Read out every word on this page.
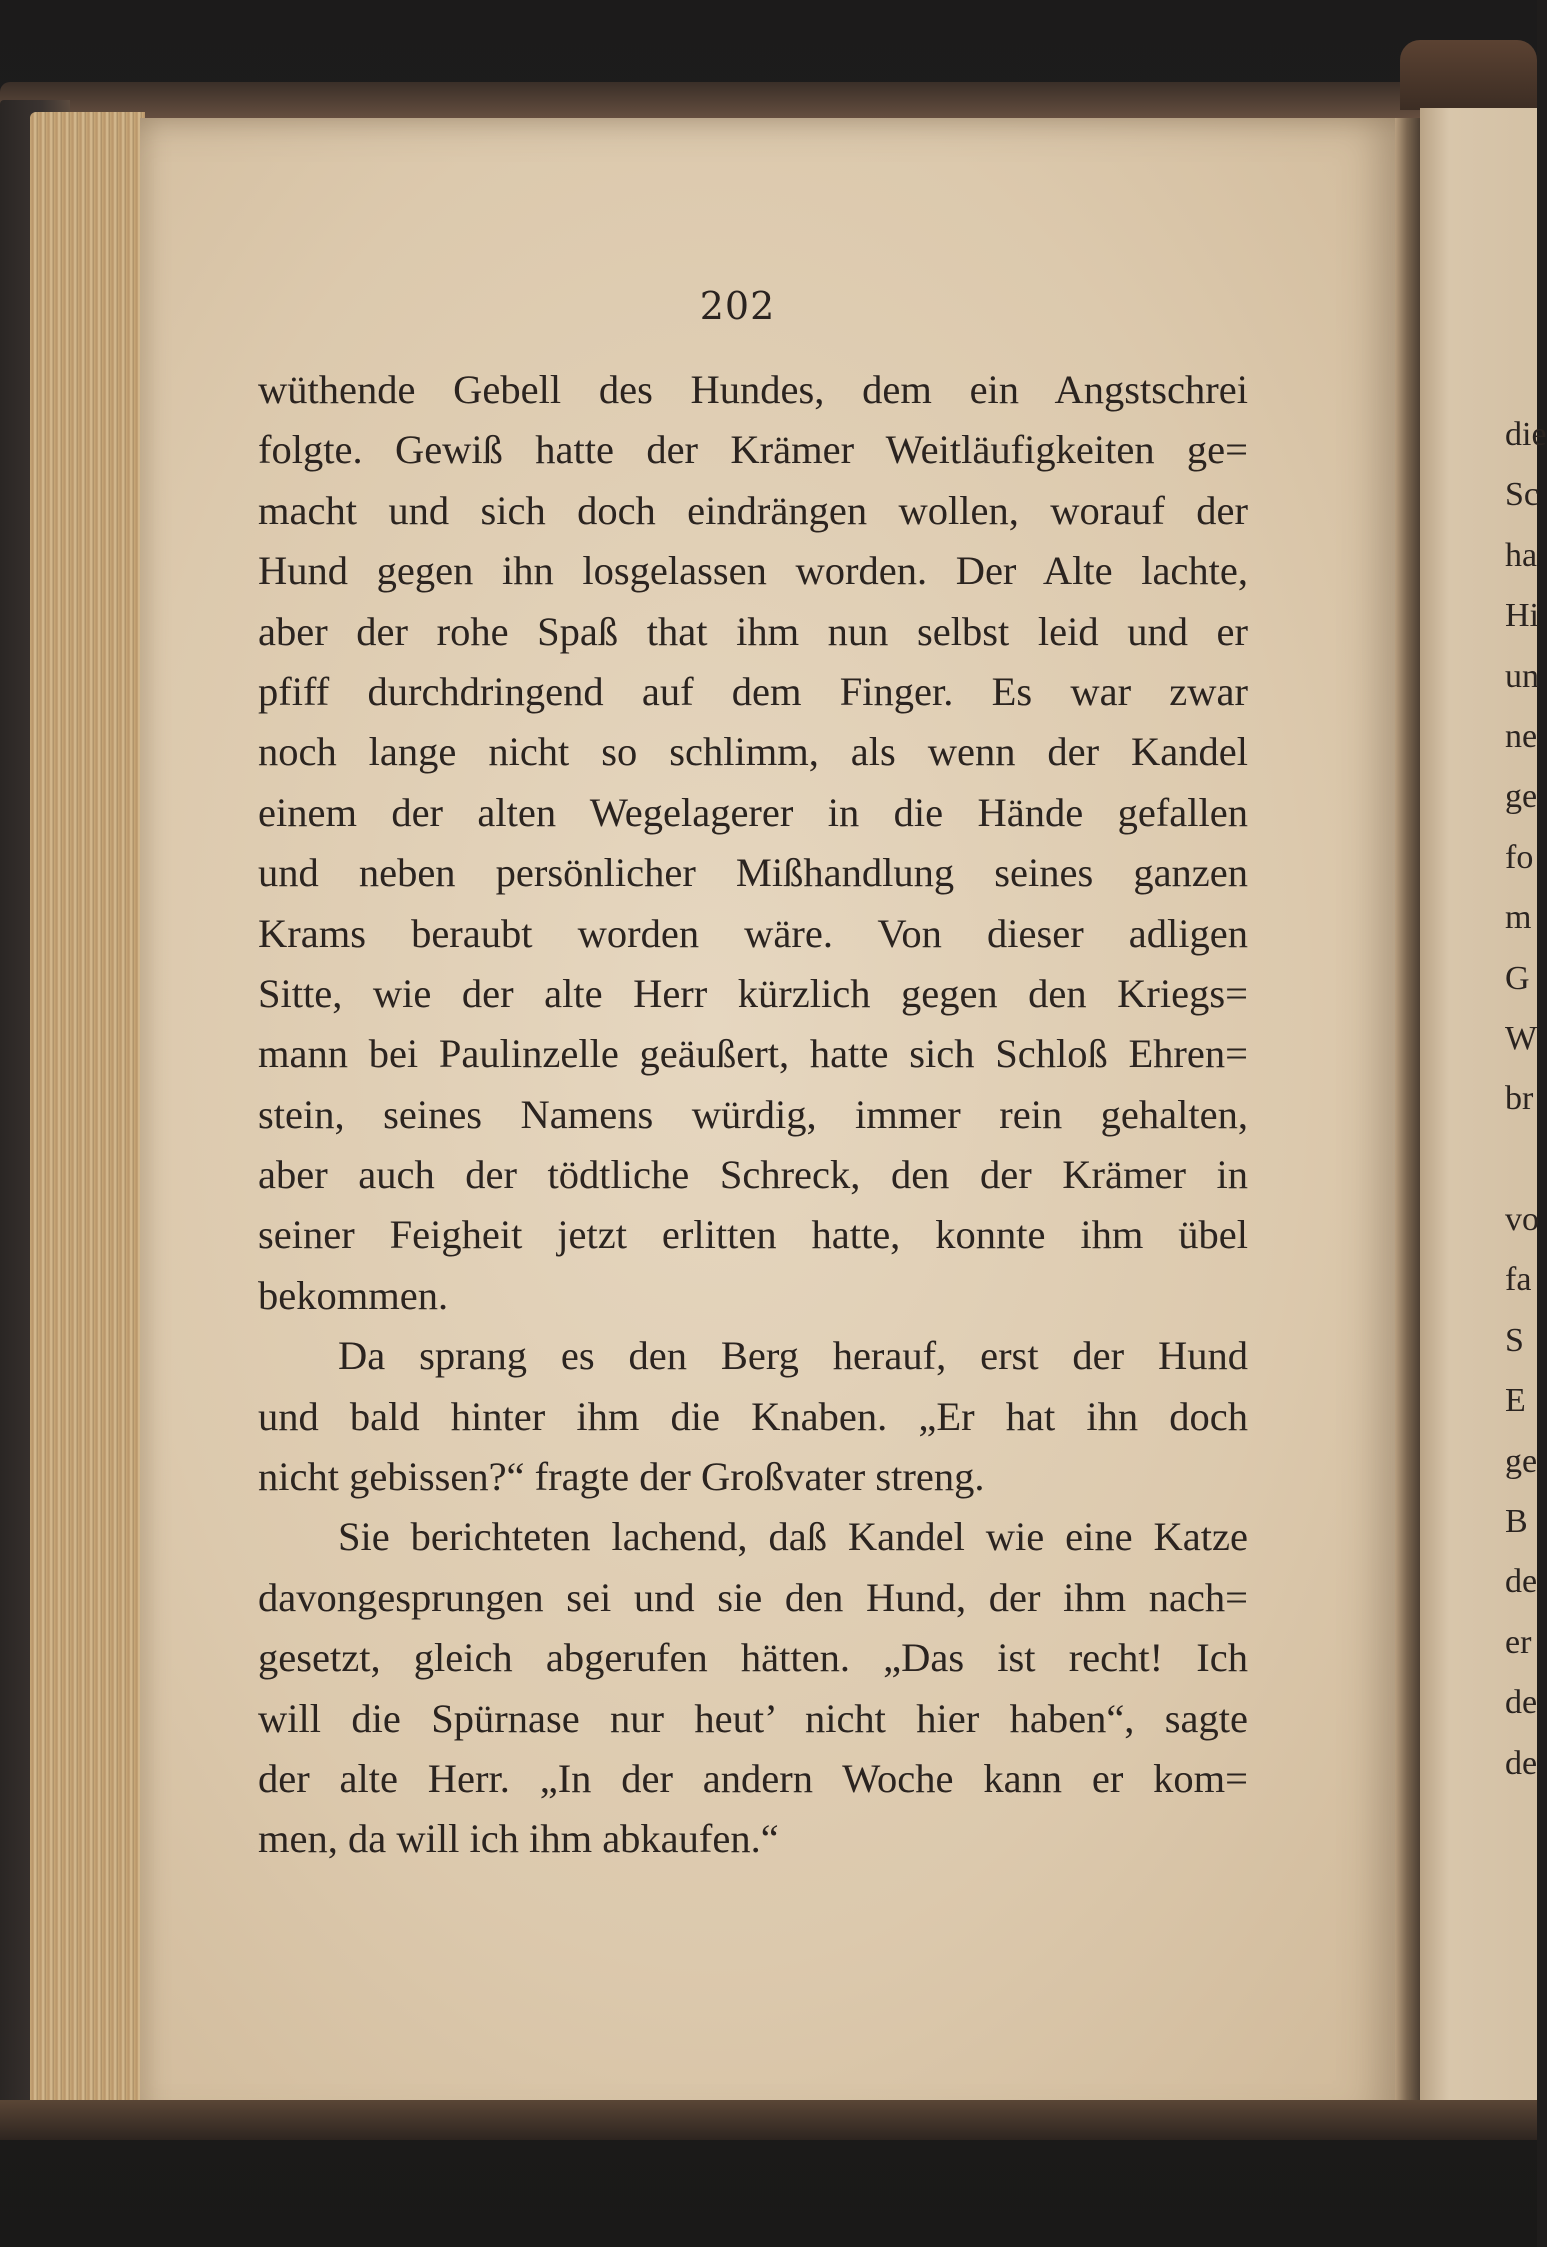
202
wüthende Gebell des Hundes, dem ein Angstschrei
folgte. Gewiß hatte der Krämer Weitläufigkeiten ge=
macht und sich doch eindrängen wollen, worauf der
Hund gegen ihn losgelassen worden. Der Alte lachte,
aber der rohe Spaß that ihm nun selbst leid und er
pfiff durchdringend auf dem Finger. Es war zwar
noch lange nicht so schlimm, als wenn der Kandel
einem der alten Wegelagerer in die Hände gefallen
und neben persönlicher Mißhandlung seines ganzen
Krams beraubt worden wäre. Von dieser adligen
Sitte, wie der alte Herr kürzlich gegen den Kriegs=
mann bei Paulinzelle geäußert, hatte sich Schloß Ehren=
stein, seines Namens würdig, immer rein gehalten,
aber auch der tödtliche Schreck, den der Krämer in
seiner Feigheit jetzt erlitten hatte, konnte ihm übel
bekommen.
Da sprang es den Berg herauf, erst der Hund
und bald hinter ihm die Knaben. „Er hat ihn doch
nicht gebissen?“ fragte der Großvater streng.
Sie berichteten lachend, daß Kandel wie eine Katze
davongesprungen sei und sie den Hund, der ihm nach=
gesetzt, gleich abgerufen hätten. „Das ist recht! Ich
will die Spürnase nur heut’ nicht hier haben“, sagte
der alte Herr. „In der andern Woche kann er kom=
men, da will ich ihm abkaufen.“
die
Sc
ha
Hi
un
ne
ge
fo
m
G
W
br
vo
fa
S
E
ge
B
de
er
de
de
